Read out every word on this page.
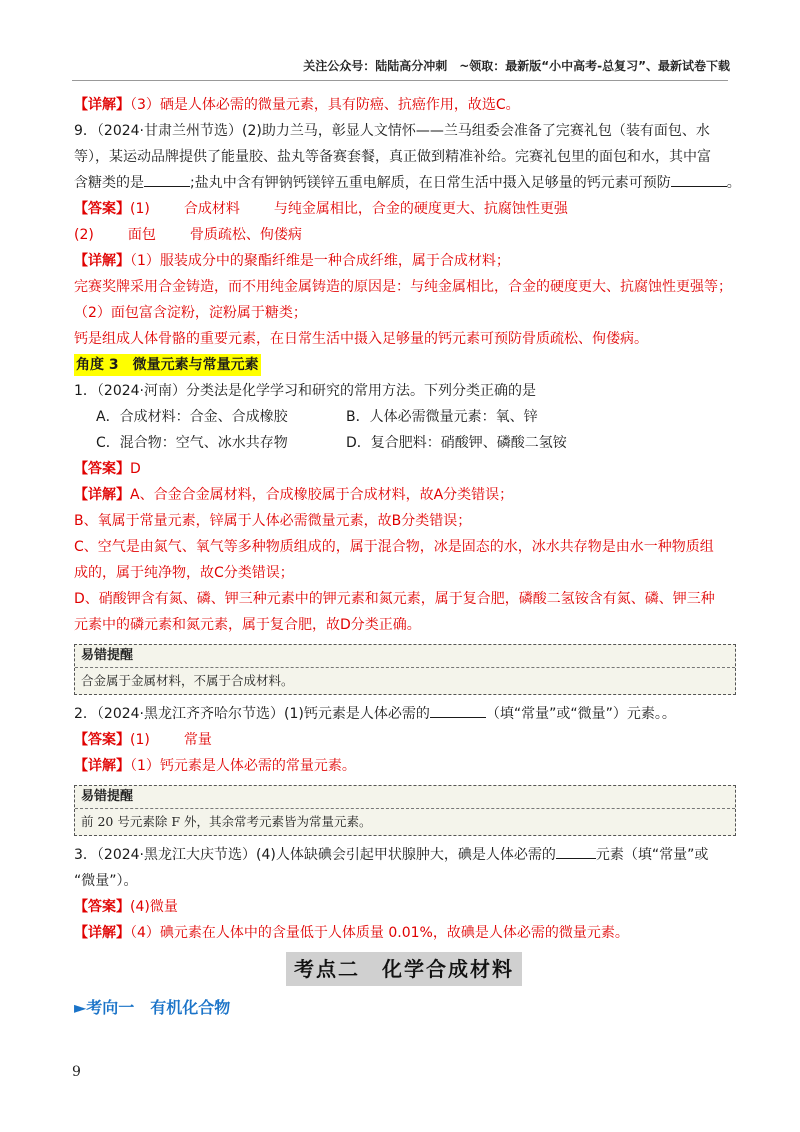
关注公众号：陆陆高分冲刺　~领取：最新版“小中高考-总复习”、最新试卷下载
【详解】（3）硒是人体必需的微量元素，具有防癌、抗癌作用，故选C。
9．（2024·甘肃兰州节选）(2)助力兰马，彰显人文情怀——兰马组委会准备了完赛礼包（装有面包、水
等），某运动品牌提供了能量胶、盐丸等备赛套餐，真正做到精准补给。完赛礼包里的面包和水，其中富
含糖类的是	;盐丸中含有钾钠钙镁锌五重电解质，在日常生活中摄入足够量的钙元素可预防	。
【答案】(1) 合成材料 与纯金属相比，合金的硬度更大、抗腐蚀性更强
(2) 面包 骨质疏松、佝偻病
【详解】（1）服装成分中的聚酯纤维是一种合成纤维，属于合成材料；
完赛奖牌采用合金铸造，而不用纯金属铸造的原因是：与纯金属相比，合金的硬度更大、抗腐蚀性更强等；
（2）面包富含淀粉，淀粉属于糖类；
钙是组成人体骨骼的重要元素，在日常生活中摄入足够量的钙元素可预防骨质疏松、佝偻病。
角度 3　微量元素与常量元素
1．（2024·河南）分类法是化学学习和研究的常用方法。下列分类正确的是
A．合成材料：合金、合成橡胶	B．人体必需微量元素：氧、锌
C．混合物：空气、冰水共存物	D．复合肥料：硝酸钾、磷酸二氢铵
【答案】D
【详解】A、合金合金属材料，合成橡胶属于合成材料，故A分类错误；
B、氧属于常量元素，锌属于人体必需微量元素，故B分类错误；
C、空气是由氮气、氧气等多种物质组成的，属于混合物，冰是固态的水，冰水共存物是由水一种物质组
成的，属于纯净物，故C分类错误；
D、硝酸钾含有氮、磷、钾三种元素中的钾元素和氮元素，属于复合肥，磷酸二氢铵含有氮、磷、钾三种
元素中的磷元素和氮元素，属于复合肥，故D分类正确。
易错提醒
合金属于金属材料，不属于合成材料。
2．（2024·黑龙江齐齐哈尔节选）(1)钙元素是人体必需的	（填“常量”或“微量”）元素。。
【答案】(1) 常量
【详解】（1）钙元素是人体必需的常量元素。
易错提醒
前 20 号元素除 F 外，其余常考元素皆为常量元素。
3．（2024·黑龙江大庆节选）(4)人体缺碘会引起甲状腺肿大，碘是人体必需的	元素（填“常量”或
“微量”）。
【答案】(4)微量
【详解】（4）碘元素在人体中的含量低于人体质量 0.01%，故碘是人体必需的微量元素。
考点二　化学合成材料
►考向一　有机化合物
9
